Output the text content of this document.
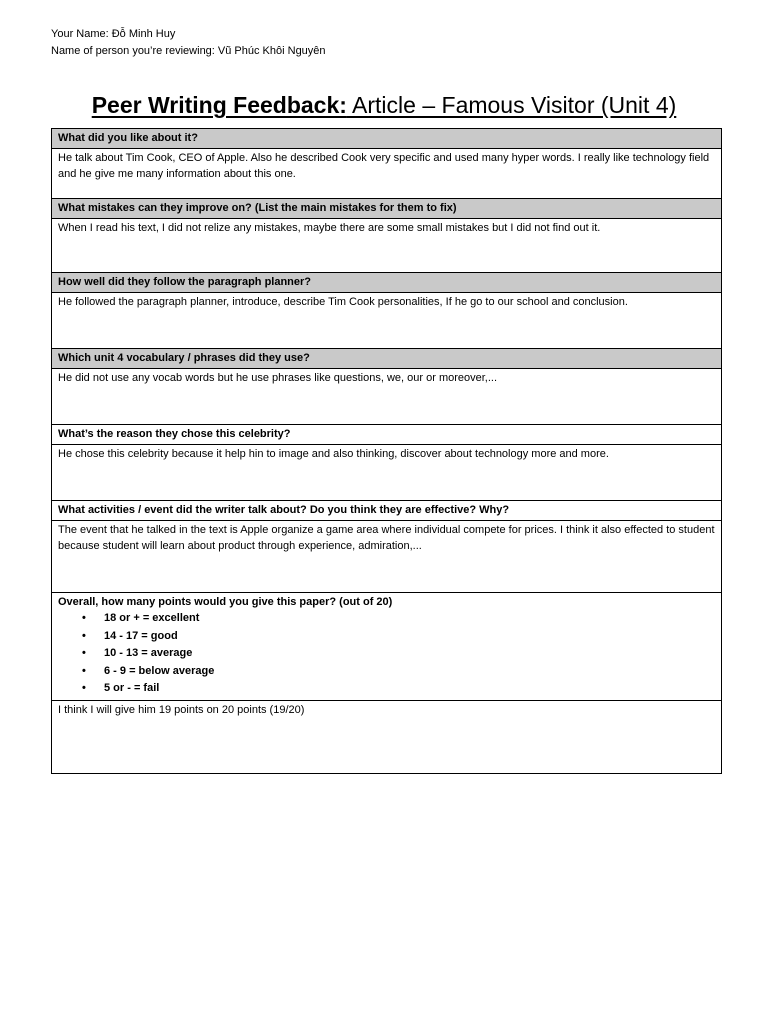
Your Name: Đỗ Minh Huy
Name of person you’re reviewing: Vũ Phúc Khôi Nguyên
Peer Writing Feedback: Article – Famous Visitor (Unit 4)
What did you like about it?
He talk about Tim Cook, CEO of Apple. Also he described Cook very specific and used many hyper words. I really like technology field and he give me many information about this one.
What mistakes can they improve on? (List the main mistakes for them to fix)
When I read his text, I did not relize any mistakes, maybe there are some small mistakes but I did not find out it.
How well did they follow the paragraph planner?
He followed the paragraph planner, introduce, describe Tim Cook personalities, If he go to our school and conclusion.
Which unit 4 vocabulary / phrases did they use?
He did not use any vocab words but he use phrases like questions, we, our or moreover,...
What’s the reason they chose this celebrity?
He chose this celebrity because it help hin to image and also thinking, discover about technology more and more.
What activities / event did the writer talk about? Do you think they are effective? Why?
The event that he talked in the text is Apple organize a game area where individual compete for prices. I think it also effected to student because student will learn about product through experience, admiration,...

Overall, how many points would you give this paper? (out of 20)
• 18 or + = excellent
• 14 - 17 = good
• 10 - 13 = average
• 6 - 9 = below average
• 5 or - = fail

I think I will give him 19 points on 20 points (19/20)
